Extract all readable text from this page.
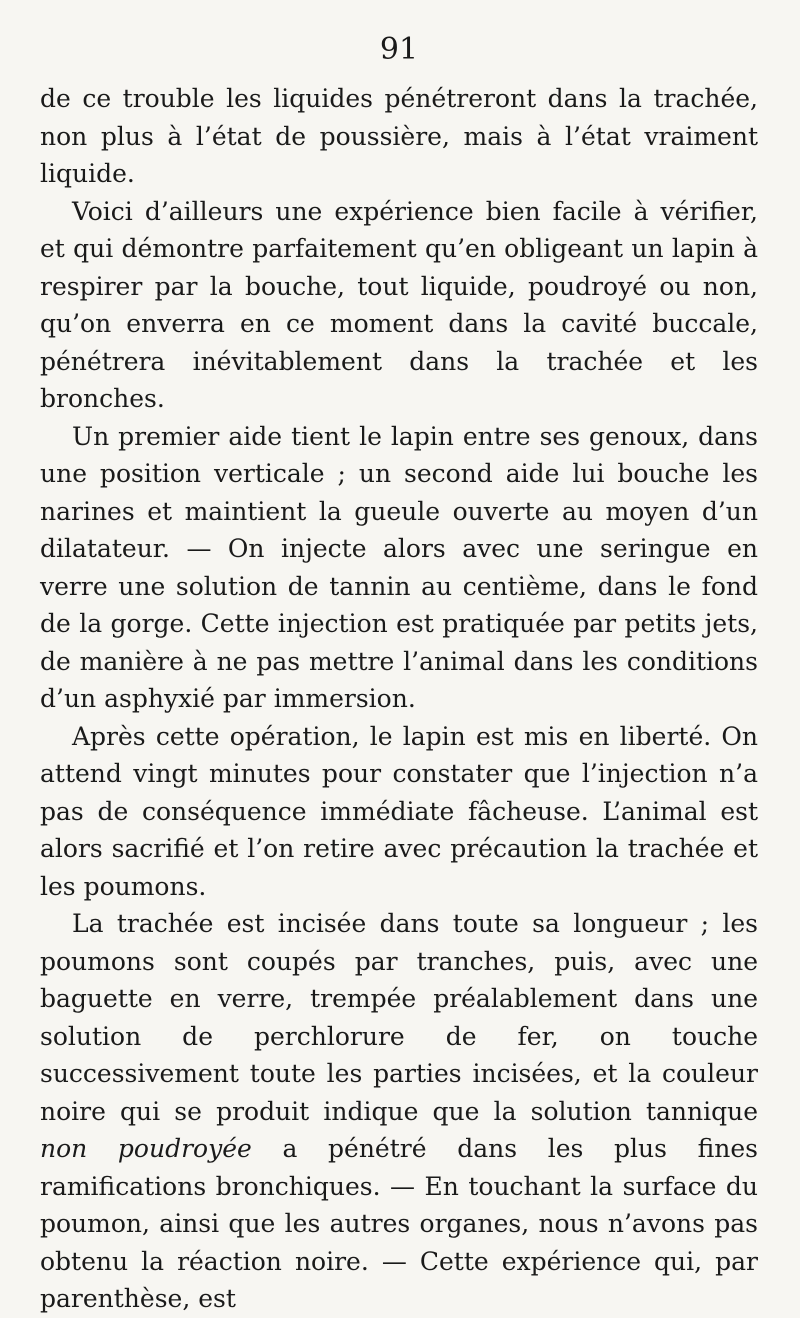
91

de ce trouble les liquides pénétreront dans la trachée, non plus à l’état de poussière, mais à l’état vraiment liquide.

Voici d’ailleurs une expérience bien facile à vérifier, et qui démontre parfaitement qu’en obligeant un lapin à respirer par la bouche, tout liquide, poudroyé ou non, qu’on enverra en ce moment dans la cavité buccale, pénétrera inévitablement dans la trachée et les bronches.

Un premier aide tient le lapin entre ses genoux, dans une position verticale ; un second aide lui bouche les narines et maintient la gueule ouverte au moyen d’un dilatateur. — On injecte alors avec une seringue en verre une solution de tannin au centième, dans le fond de la gorge. Cette injection est pratiquée par petits jets, de manière à ne pas mettre l’animal dans les conditions d’un asphyxié par immersion.

Après cette opération, le lapin est mis en liberté. On attend vingt minutes pour constater que l’injection n’a pas de conséquence immédiate fâcheuse. L’animal est alors sacrifié et l’on retire avec précaution la trachée et les poumons.

La trachée est incisée dans toute sa longueur ; les poumons sont coupés par tranches, puis, avec une baguette en verre, trempée préalablement dans une solution de perchlorure de fer, on touche successivement toute les parties incisées, et la couleur noire qui se produit indique que la solution tannique non poudroyée a pénétré dans les plus fines ramifications bronchiques. — En touchant la surface du poumon, ainsi que les autres organes, nous n’avons pas obtenu la réaction noire. — Cette expérience qui, par parenthèse, est
